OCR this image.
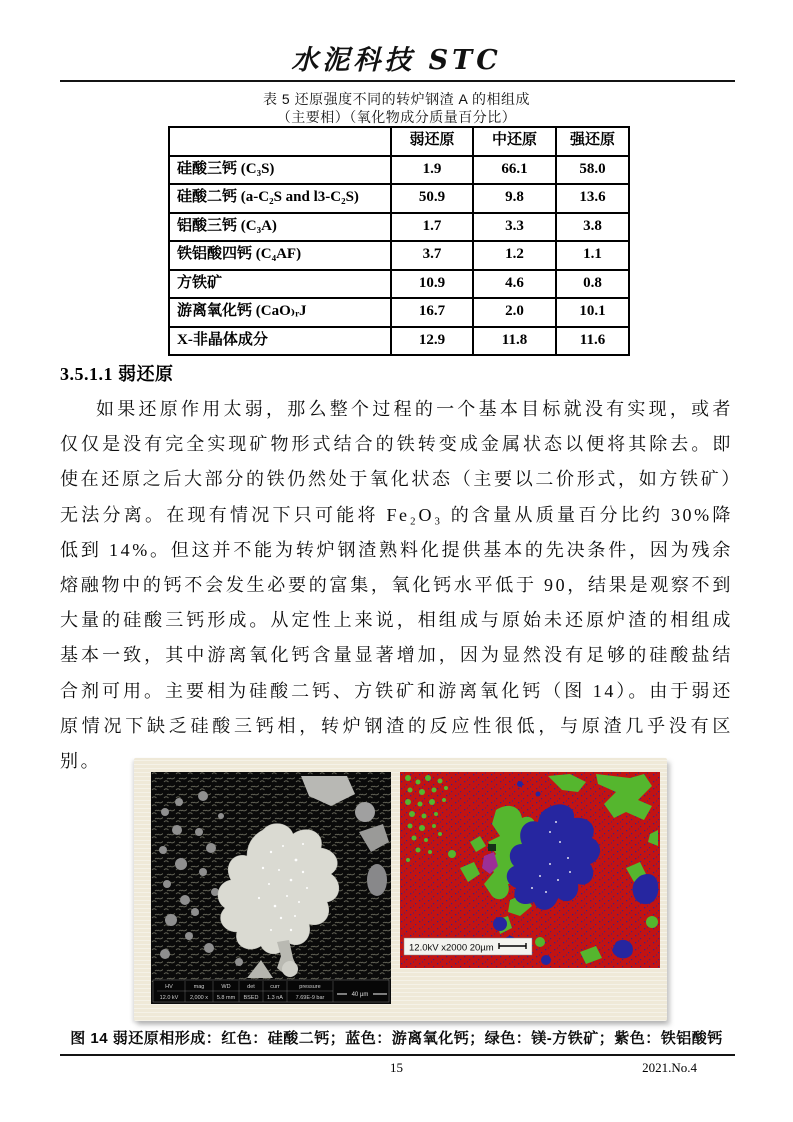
水泥科技 STC
表 5 还原强度不同的转炉钢渣 A 的相组成
（主要相）（氧化物成分质量百分比）
	弱还原	中还原	强还原
硅酸三钙 (C₃S)	1.9	66.1	58.0
硅酸二钙 (a-C₂S and l3-C₂S)	50.9	9.8	13.6
铝酸三钙 (C₃A)	1.7	3.3	3.8
铁铝酸四钙 (C₄AF)	3.7	1.2	1.1
方铁矿	10.9	4.6	0.8
游离氧化钙 (CaO₎ᵣJ	16.7	2.0	10.1
X-非晶体成分	12.9	11.8	11.6
3.5.1.1 弱还原
如果还原作用太弱，那么整个过程的一个基本目标就没有实现，或者仅仅是没有完全实现矿物形式结合的铁转变成金属状态以便将其除去。即使在还原之后大部分的铁仍然处于氧化状态（主要以二价形式，如方铁矿）无法分离。在现有情况下只可能将 Fe₂O₃ 的含量从质量百分比约 30%降低到 14%。但这并不能为转炉钢渣熟料化提供基本的先决条件，因为残余熔融物中的钙不会发生必要的富集，氧化钙水平低于 90，结果是观察不到大量的硅酸三钙形成。从定性上来说，相组成与原始未还原炉渣的相组成基本一致，其中游离氧化钙含量显著增加，因为显然没有足够的硅酸盐结合剂可用。主要相为硅酸二钙、方铁矿和游离氧化钙（图 14）。由于弱还原情况下缺乏硅酸三钙相，转炉钢渣的反应性很低，与原渣几乎没有区别。
HV	mag	WD	det	curr	pressure
12.0 kV 2,000 x 5.8 mm BSED 1.3 nA 7.69E-9 bar	40 µm
12.0kV x2000 20µm
图 14 弱还原相形成：红色：硅酸二钙；蓝色：游离氧化钙；绿色：镁-方铁矿；紫色：铁铝酸钙
15	2021.No.4
